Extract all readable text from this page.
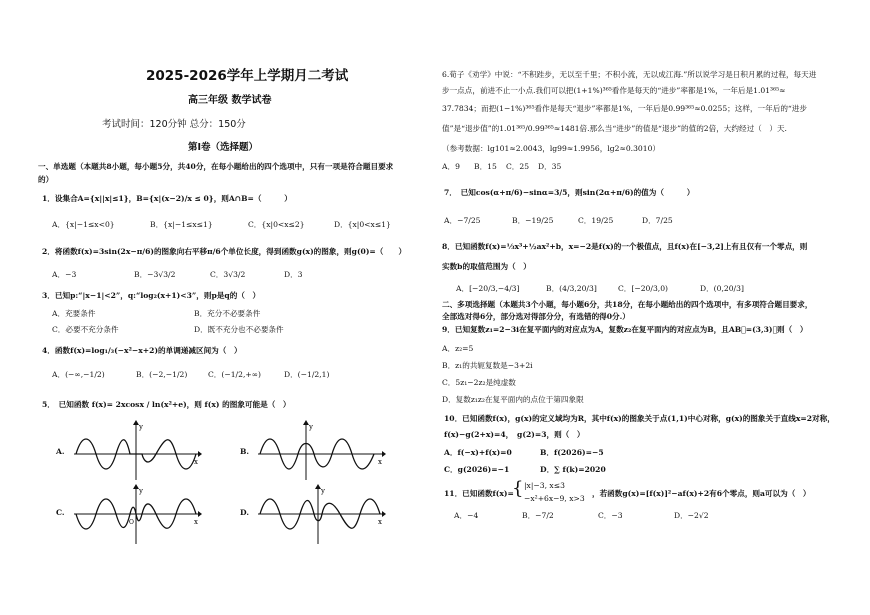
2025-2026学年上学期月二考试
高三年级 数学试卷
考试时间：120分钟 总分：150分
第Ⅰ卷（选择题）
一、单选题（本题共8小题，每小题5分，共40分，在每小题给出的四个选项中，只有一项是符合题目要求
的）
1．设集合A={x||x|≤1}，B={x|(x−2)/x ≤ 0}，则A∩B=（　　　）
A．{x|−1≤x<0}	B．{x|−1≤x≤1}	C．{x|0<x≤2}	D．{x|0<x≤1}
2．将函数f(x)=3sin(2x−π/6)的图象向右平移π/6个单位长度，得到函数g(x)的图象，则g(0)=（　　）
A．−3	B．−3√3/2	C．3√3/2	D．3
3．已知p:“|x−1|<2”，q:“log₂(x+1)<3”，则p是q的（　）
A．充要条件	B．充分不必要条件
C．必要不充分条件	D．既不充分也不必要条件
4．函数f(x)=log₁/₃(−x²−x+2)的单调递减区间为（　）
A．(−∞,−1/2)	B．(−2,−1/2)	C．(−1/2,+∞)	D．(−1/2,1)
5．　已知函数 f(x)= 2xcosx / ln(x²+e)，则 f(x) 的图象可能是（　）
A.
y
x
B.
y
x
C.
y
x
O
D.
y
x
6.荀子《劝学》中说：“不积跬步，无以至千里；不积小流，无以成江海.”所以说学习是日积月累的过程，每天进
步一点点，前进不止一小点.我们可以把(1+1%)³⁶⁵看作是每天的“进步”率都是1%，一年后是1.01³⁶⁵≈
37.7834；而把(1−1%)³⁶⁵看作是每天“退步”率都是1%，一年后是0.99³⁶⁵≈0.0255；这样，一年后的“进步
值”是“退步值”的1.01³⁶⁵/0.99³⁶⁵≈1481倍.那么当“进步”的值是“退步”的值的2倍，大约经过（　）天.
（参考数据：lg101≈2.0043，lg99≈1.9956，lg2≈0.3010）
A．9 B．15 C．25 D．35
7．　已知cos(α+π/6)−sinα=3/5，则sin(2α+π/6)的值为（　　　）
A．−7/25	B．−19/25	C．19/25	D．7/25
8．已知函数f(x)=⅓x³+½ax²+b，x=−2是f(x)的一个极值点，且f(x)在[−3,2]上有且仅有一个零点，则
实数b的取值范围为（　）
A．[−20/3,−4/3]	B．(4/3,20/3]	C．[−20/3,0)	D．(0,20/3]
二、多项选择题（本题共3个小题，每小题6分，共18分，在每小题给出的四个选项中，有多项符合题目要求，
全部选对得6分，部分选对得部分分，有选错的得0分.）
9．已知复数z₁=2−3i在复平面内的对应点为A，复数z₂在复平面内的对应点为B，且AB⃗=(3,3)，则（　）
A．z₂=5
B．z₁的共轭复数是−3+2i
C．5z₁−2z₂是纯虚数
D．复数z₁z₂在复平面内的点位于第四象限
10．已知函数f(x)，g(x)的定义域均为R，其中f(x)的图象关于点(1,1)中心对称，g(x)的图象关于直线x=2对称，
f(x)−g(2+x)=4，　g(2)=3，则（　）
A．f(−x)+f(x)=0	B．f(2026)=−5
C．g(2026)=−1	D．∑ f(k)=2020
11．已知函数f(x)=
{ |x|−3, x≤3
−x²+6x−9, x>3
，若函数g(x)=[f(x)]²−af(x)+2有6个零点，则a可以为（　）
A．−4	B．−7/2	C．−3	D．−2√2
